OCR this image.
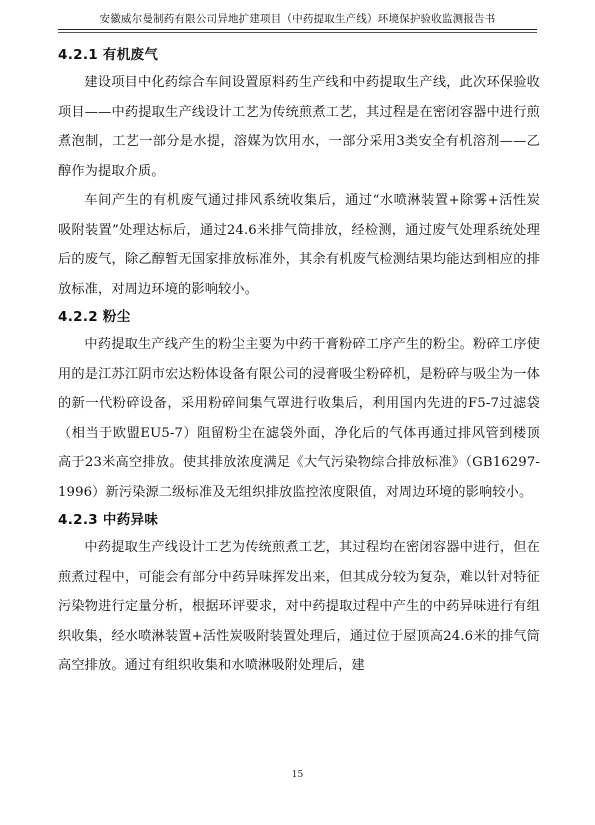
安徽威尔曼制药有限公司异地扩建项目（中药提取生产线）环境保护验收监测报告书
4.2.1 有机废气

建设项目中化药综合车间设置原料药生产线和中药提取生产线，此次环保验收项目——中药提取生产线设计工艺为传统煎煮工艺，其过程是在密闭容器中进行煎煮泡制，工艺一部分是水提，溶媒为饮用水，一部分采用3类安全有机溶剂——乙醇作为提取介质。

车间产生的有机废气通过排风系统收集后，通过“水喷淋装置+除雾+活性炭吸附装置”处理达标后，通过24.6米排气筒排放，经检测，通过废气处理系统处理后的废气，除乙醇暂无国家排放标准外，其余有机废气检测结果均能达到相应的排放标准，对周边环境的影响较小。

4.2.2 粉尘

中药提取生产线产生的粉尘主要为中药干膏粉碎工序产生的粉尘。粉碎工序使用的是江苏江阴市宏达粉体设备有限公司的浸膏吸尘粉碎机，是粉碎与吸尘为一体的新一代粉碎设备，采用粉碎间集气罩进行收集后，利用国内先进的F5-7过滤袋（相当于欧盟EU5-7）阻留粉尘在滤袋外面，净化后的气体再通过排风管到楼顶高于23米高空排放。使其排放浓度满足《大气污染物综合排放标准》（GB16297-1996）新污染源二级标准及无组织排放监控浓度限值，对周边环境的影响较小。

4.2.3 中药异味

中药提取生产线设计工艺为传统煎煮工艺，其过程均在密闭容器中进行，但在煎煮过程中，可能会有部分中药异味挥发出来，但其成分较为复杂，难以针对特征污染物进行定量分析，根据环评要求，对中药提取过程中产生的中药异味进行有组织收集，经水喷淋装置+活性炭吸附装置处理后，通过位于屋顶高24.6米的排气筒高空排放。通过有组织收集和水喷淋吸附处理后，建

15
